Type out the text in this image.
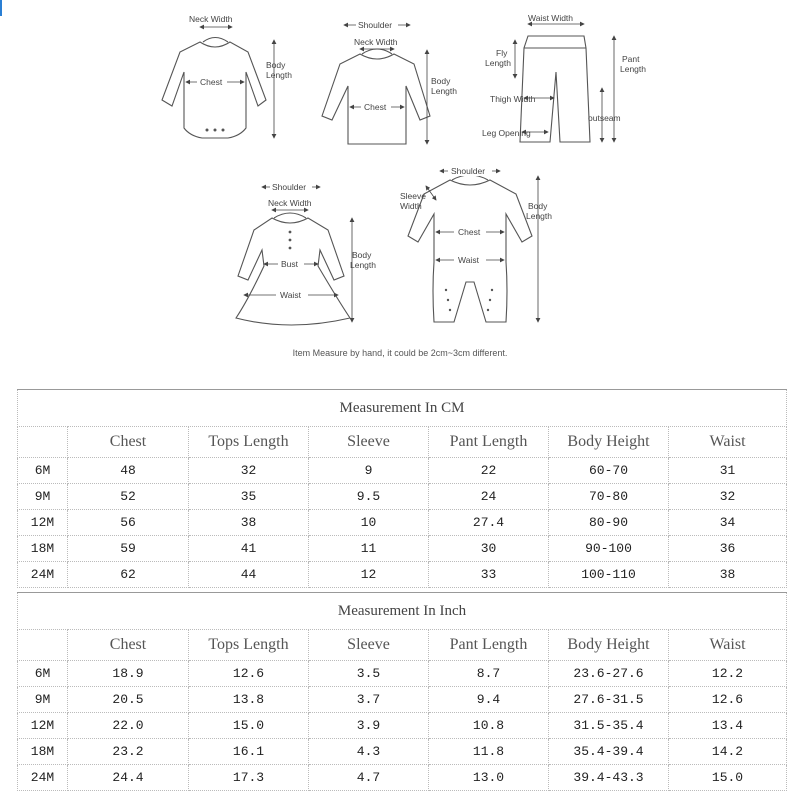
Neck Width
Chest
Body
Length
Shoulder
Neck Width
Chest
Body
Length
Waist Width
Fly
Length	Pant
Length
Thigh Width
Leg Opening
outseam
Shoulder
Neck Width
Bust
Waist
Body
Length
Shoulder
Sleeve
Width
Chest
Waist
Body
Length
Item Measure by hand, it could be 2cm~3cm different.
Measurement In CM						
	Chest	Tops Length	Sleeve	Pant Length	Body Height	Waist
6M	48	32	9	22	60-70	31
9M	52	35	9.5	24	70-80	32
12M	56	38	10	27.4	80-90	34
18M	59	41	11	30	90-100	36
24M	62	44	12	33	100-110	38
Measurement In Inch						
	Chest	Tops Length	Sleeve	Pant Length	Body Height	Waist
6M	18.9	12.6	3.5	8.7	23.6-27.6	12.2
9M	20.5	13.8	3.7	9.4	27.6-31.5	12.6
12M	22.0	15.0	3.9	10.8	31.5-35.4	13.4
18M	23.2	16.1	4.3	11.8	35.4-39.4	14.2
24M	24.4	17.3	4.7	13.0	39.4-43.3	15.0
